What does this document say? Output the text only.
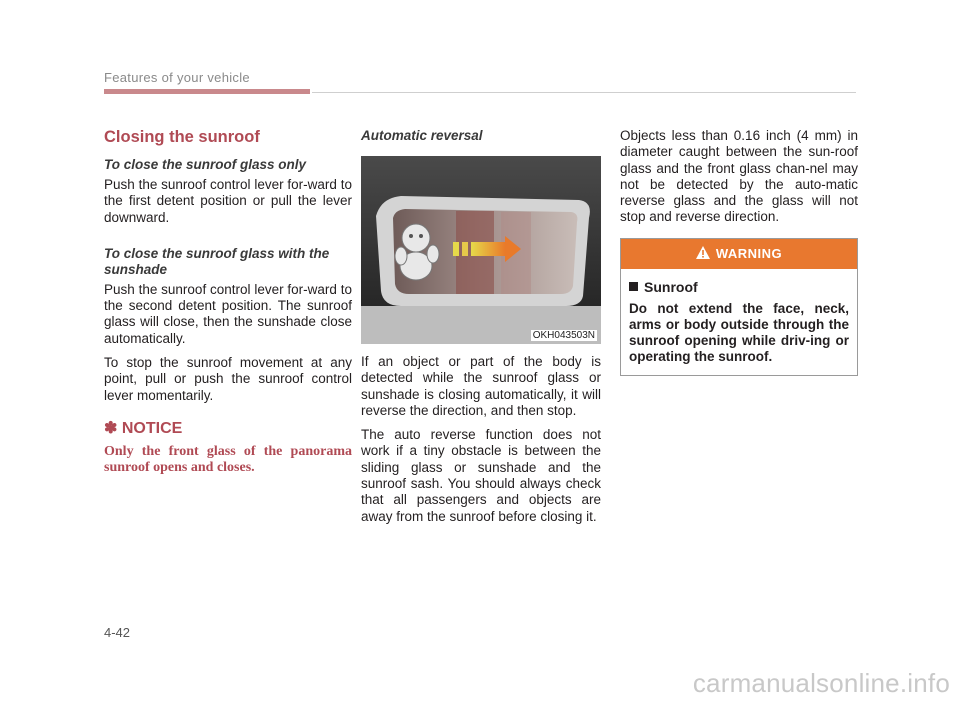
Features of your vehicle
Closing the sunroof
To close the sunroof glass only

Push the sunroof control lever for-ward to the first detent position or pull the lever downward.

To close the sunroof glass with the sunshade

Push the sunroof control lever for-ward to the second detent position. The sunroof glass will close, then the sunshade close automatically.

To stop the sunroof movement at any point, pull or push the sunroof control lever momentarily.

✽ NOTICE
Only the front glass of the panorama sunroof opens and closes.
Automatic reversal
OKH043503N

If an object or part of the body is detected while the sunroof glass or sunshade is closing automatically, it will reverse the direction, and then stop.

The auto reverse function does not work if a tiny obstacle is between the sliding glass or sunshade and the sunroof sash. You should always check that all passengers and objects are away from the sunroof before closing it.

Objects less than 0.16 inch (4 mm) in diameter caught between the sun-roof glass and the front glass chan-nel may not be detected by the auto-matic reverse glass and the glass will not stop and reverse direction.

WARNING
Sunroof
Do not extend the face, neck, arms or body outside through the sunroof opening while driv-ing or operating the sunroof.
4-42
carmanualsonline.info
